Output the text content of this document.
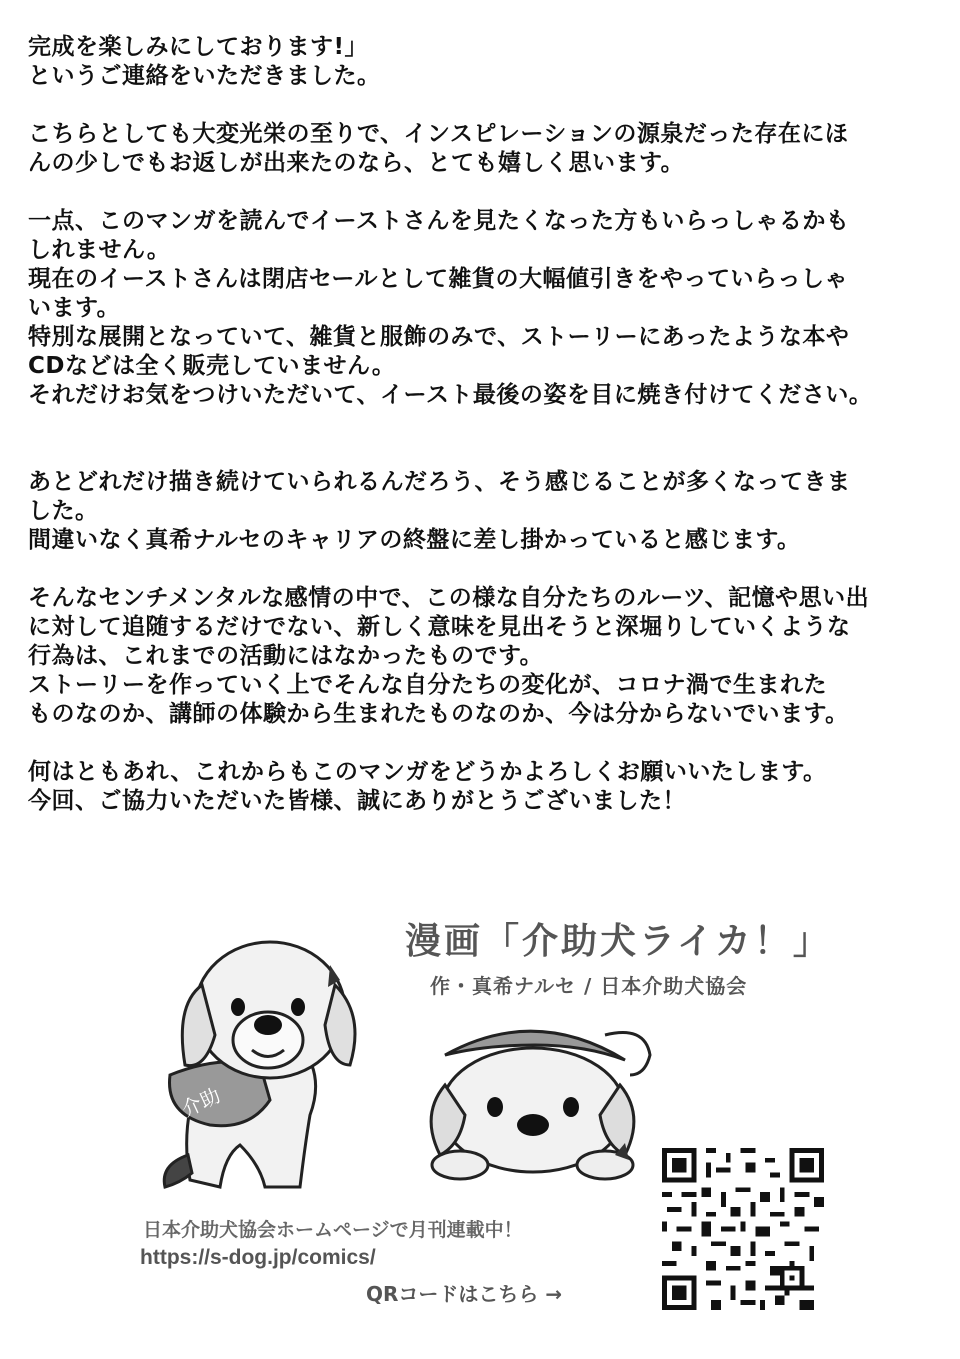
完成を楽しみにしております!」
というご連絡をいただきました。

こちらとしても大変光栄の至りで、インスピレーションの源泉だった存在にほ
んの少しでもお返しが出来たのなら、とても嬉しく思います。

一点、このマンガを読んでイーストさんを見たくなった方もいらっしゃるかも
しれません。
現在のイーストさんは閉店セールとして雑貨の大幅値引きをやっていらっしゃ
います。
特別な展開となっていて、雑貨と服飾のみで、ストーリーにあったような本や
CDなどは全く販売していません。
それだけお気をつけいただいて、イースト最後の姿を目に焼き付けてください。

あとどれだけ描き続けていられるんだろう、そう感じることが多くなってきま
した。
間違いなく真希ナルセのキャリアの終盤に差し掛かっていると感じます。

そんなセンチメンタルな感情の中で、この様な自分たちのルーツ、記憶や思い出
に対して追随するだけでない、新しく意味を見出そうと深堀りしていくような
行為は、これまでの活動にはなかったものです。
ストーリーを作っていく上でそんな自分たちの変化が、コロナ渦で生まれた
ものなのか、講師の体験から生まれたものなのか、今は分からないでいます。

何はともあれ、これからもこのマンガをどうかよろしくお願いいたします。
今回、ご協力いただいた皆様、誠にありがとうございました！

漫画「介助犬ライカ！」
作・真希ナルセ / 日本介助犬協会
介助
日本介助犬協会ホームページで月刊連載中！
https://s-dog.jp/comics/
QRコードはこちら →
